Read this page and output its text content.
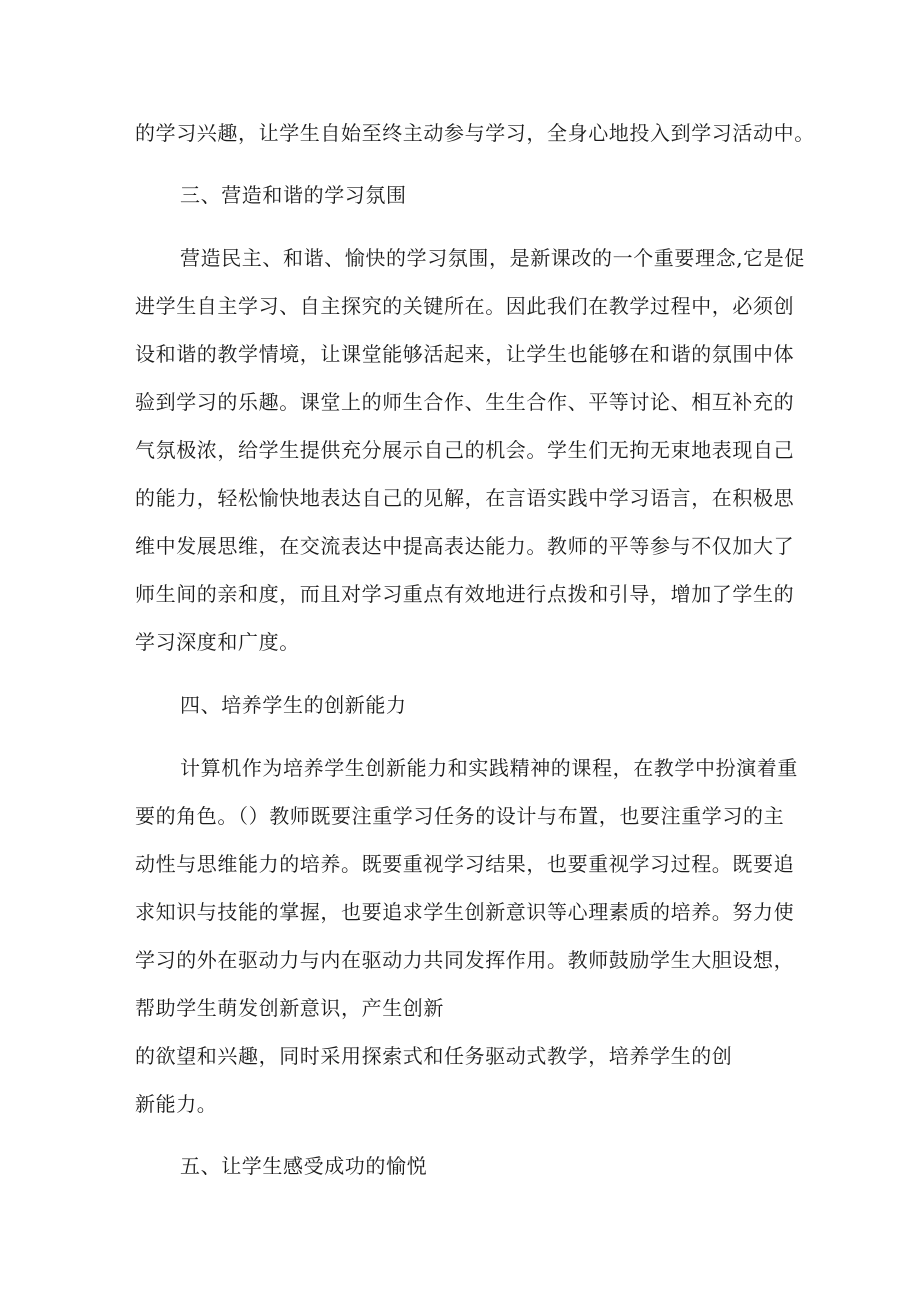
的学习兴趣，让学生自始至终主动参与学习，全身心地投入到学习活动中。
三、营造和谐的学习氛围
营造民主、和谐、愉快的学习氛围，是新课改的一个重要理念,它是促
进学生自主学习、自主探究的关键所在。因此我们在教学过程中，必须创
设和谐的教学情境，让课堂能够活起来，让学生也能够在和谐的氛围中体
验到学习的乐趣。课堂上的师生合作、生生合作、平等讨论、相互补充的
气氛极浓，给学生提供充分展示自己的机会。学生们无拘无束地表现自己
的能力，轻松愉快地表达自己的见解，在言语实践中学习语言，在积极思
维中发展思维，在交流表达中提高表达能力。教师的平等参与不仅加大了
师生间的亲和度，而且对学习重点有效地进行点拨和引导，增加了学生的
学习深度和广度。
四、培养学生的创新能力
计算机作为培养学生创新能力和实践精神的课程，在教学中扮演着重
要的角色。（）教师既要注重学习任务的设计与布置，也要注重学习的主
动性与思维能力的培养。既要重视学习结果，也要重视学习过程。既要追
求知识与技能的掌握，也要追求学生创新意识等心理素质的培养。努力使
学习的外在驱动力与内在驱动力共同发挥作用。教师鼓励学生大胆设想，
帮助学生萌发创新意识，产生创新
的欲望和兴趣，同时采用探索式和任务驱动式教学，培养学生的创
新能力。
五、让学生感受成功的愉悦
